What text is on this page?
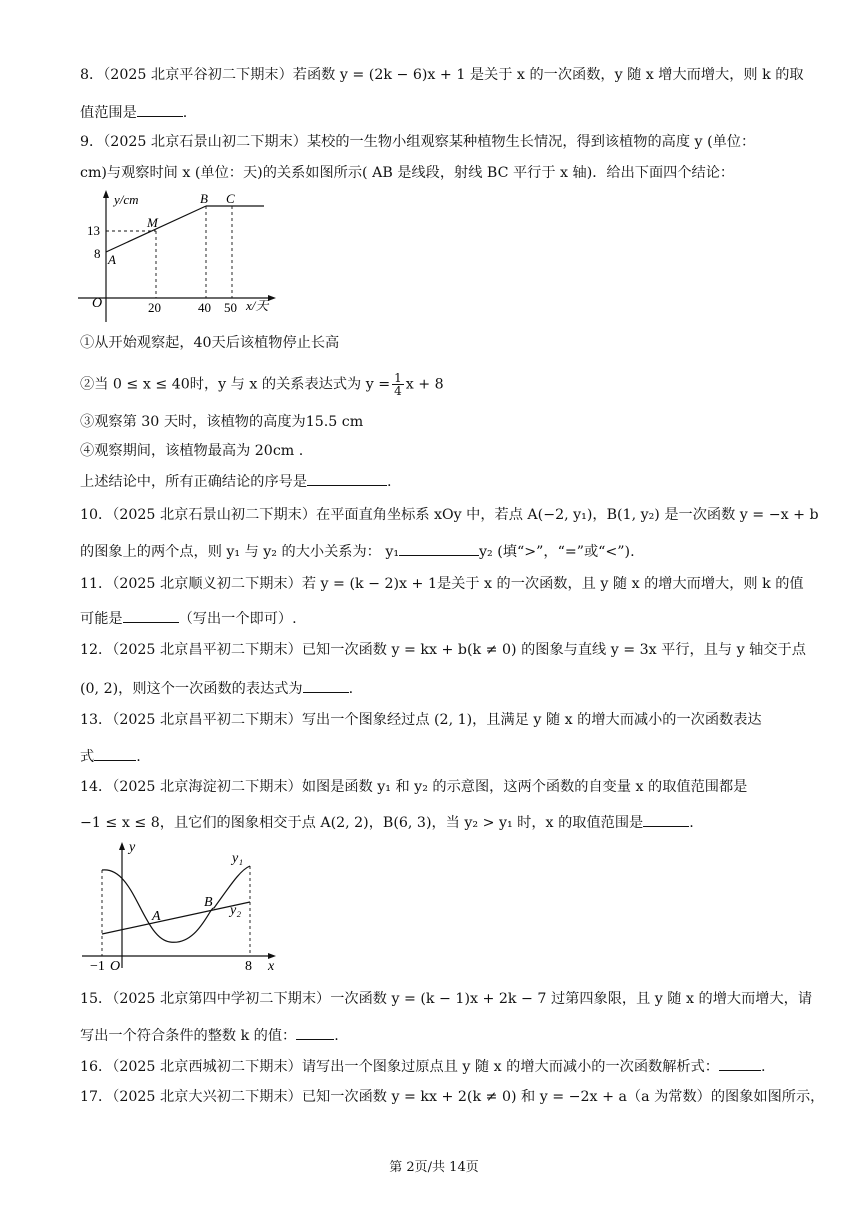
8．（2025 北京平谷初二下期末）若函数 y = (2k − 6)x + 1 是关于 x 的一次函数，y 随 x 增大而增大，则 k 的取
值范围是	.
9．（2025 北京石景山初二下期末）某校的一生物小组观察某种植物生长情况，得到该植物的高度 y (单位：
cm)与观察时间 x (单位：天)的关系如图所示( AB 是线段，射线 BC 平行于 x 轴)．给出下面四个结论：
y/cm
x/天
O
13
8
20	40 50
A
M
B C
①从开始观察起，40天后该植物停止长高
②当 0 ≤ x ≤ 40时，y 与 x 的关系表达式为 $y = \frac{1}{4}$ x + 8
③观察第 30 天时，该植物的高度为15.5 cm
④观察期间，该植物最高为 20cm .
上述结论中，所有正确结论的序号是	.
10．（2025 北京石景山初二下期末）在平面直角坐标系 xOy 中，若点 A(−2, y₁)，B(1, y₂) 是一次函数 y = −x + b
的图象上的两个点，则 y₁ 与 y₂ 的大小关系为： y₁	y₂ (填“>”，“=”或“<”).
11．（2025 北京顺义初二下期末）若 y = (k − 2)x + 1是关于 x 的一次函数，且 y 随 x 的增大而增大，则 k 的值
可能是	（写出一个即可）.
12．（2025 北京昌平初二下期末）已知一次函数 y = kx + b(k ≠ 0) 的图象与直线 y = 3x 平行，且与 y 轴交于点
(0, 2)，则这个一次函数的表达式为	.
13．（2025 北京昌平初二下期末）写出一个图象经过点 (2, 1)，且满足 y 随 x 的增大而减小的一次函数表达
式	.
14．（2025 北京海淀初二下期末）如图是函数 y₁ 和 y₂ 的示意图，这两个函数的自变量 x 的取值范围都是
−1 ≤ x ≤ 8，且它们的图象相交于点 A(2, 2)，B(6, 3)，当 y₂ > y₁ 时，x 的取值范围是	.
y
x
O
−1	8
A
B
y₁
y₂
15．（2025 北京第四中学初二下期末）一次函数 y = (k − 1)x + 2k − 7 过第四象限，且 y 随 x 的增大而增大，请
写出一个符合条件的整数 k 的值：	.
16．（2025 北京西城初二下期末）请写出一个图象过原点且 y 随 x 的增大而减小的一次函数解析式：	.
17．（2025 北京大兴初二下期末）已知一次函数 y = kx + 2(k ≠ 0) 和 y = −2x + a（a 为常数）的图象如图所示，
第 2页/共 14页
